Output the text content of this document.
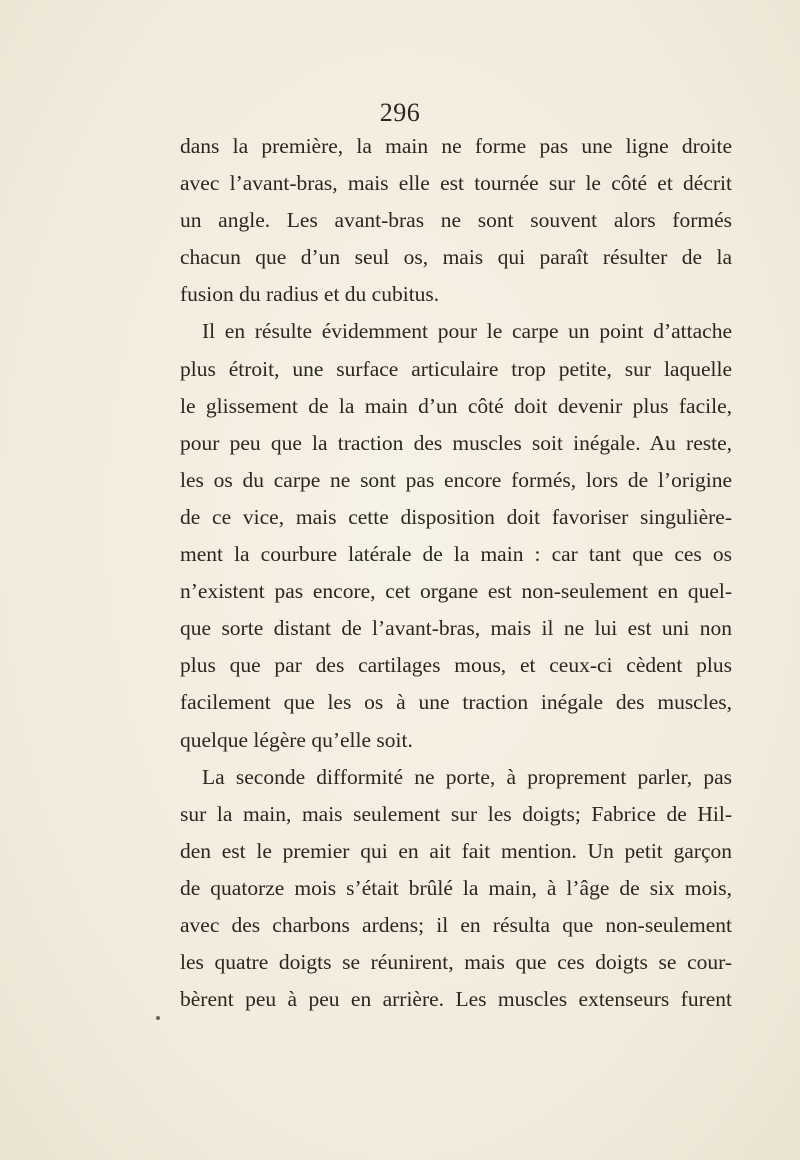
296
dans la première, la main ne forme pas une ligne droite
avec l’avant-bras, mais elle est tournée sur le côté et décrit
un angle. Les avant-bras ne sont souvent alors formés
chacun que d’un seul os, mais qui paraît résulter de la
fusion du radius et du cubitus.
Il en résulte évidemment pour le carpe un point d’attache
plus étroit, une surface articulaire trop petite, sur laquelle
le glissement de la main d’un côté doit devenir plus facile,
pour peu que la traction des muscles soit inégale. Au reste,
les os du carpe ne sont pas encore formés, lors de l’origine
de ce vice, mais cette disposition doit favoriser singulière-
ment la courbure latérale de la main : car tant que ces os
n’existent pas encore, cet organe est non-seulement en quel-
que sorte distant de l’avant-bras, mais il ne lui est uni non
plus que par des cartilages mous, et ceux-ci cèdent plus
facilement que les os à une traction inégale des muscles,
quelque légère qu’elle soit.
La seconde difformité ne porte, à proprement parler, pas
sur la main, mais seulement sur les doigts; Fabrice de Hil-
den est le premier qui en ait fait mention. Un petit garçon
de quatorze mois s’était brûlé la main, à l’âge de six mois,
avec des charbons ardens; il en résulta que non-seulement
les quatre doigts se réunirent, mais que ces doigts se cour-
bèrent peu à peu en arrière. Les muscles extenseurs furent
